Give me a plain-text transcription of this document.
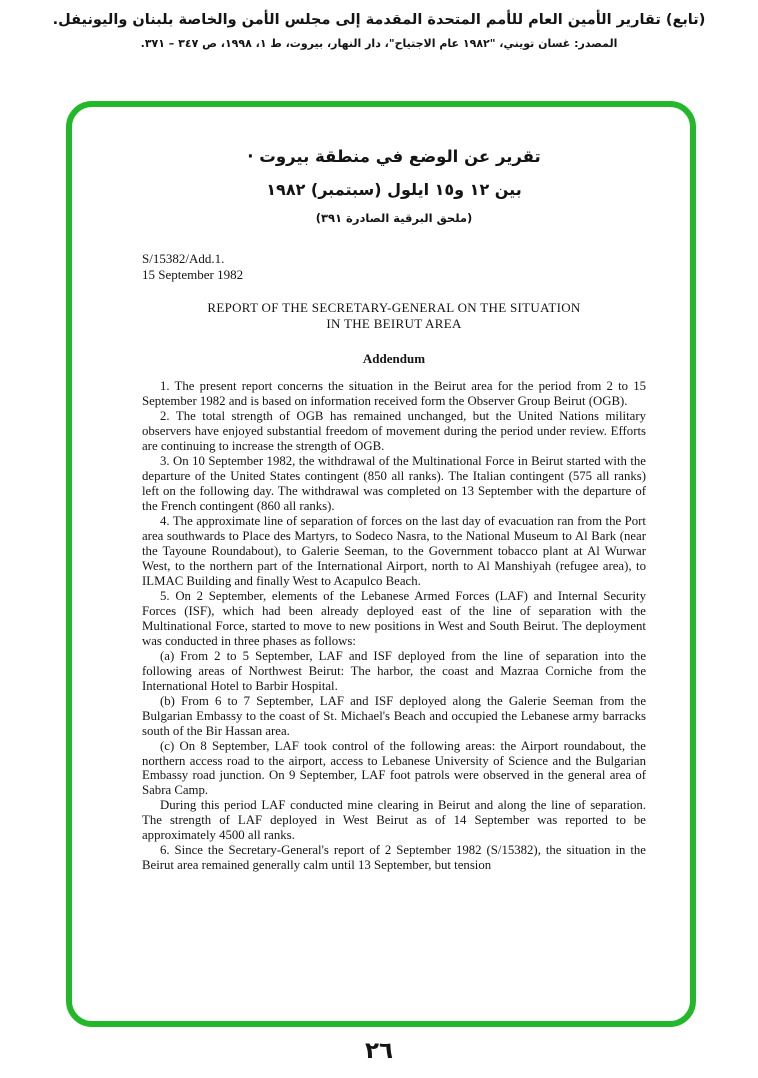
(تابع) تقارير الأمين العام للأمم المتحدة المقدمة إلى مجلس الأمن والخاصة بلبنان واليونيفل.
المصدر: غسان تويني، "١٩٨٢ عام الاجتياح"، دار النهار، بيروت، ط ١، ١٩٩٨، ص ٣٤٧ – ٣٧١.
تقرير عن الوضع في منطقة بيروت ·
بين ١٢ و١٥ ايلول (سبتمبر) ١٩٨٢
(ملحق البرقية الصادرة ٣٩١)
S/15382/Add.1.
15 September 1982
REPORT OF THE SECRETARY-GENERAL ON THE SITUATION
IN THE BEIRUT AREA
Addendum

1. The present report concerns the situation in the Beirut area for the period from 2 to 15 September 1982 and is based on information received form the Observer Group Beirut (OGB).

2. The total strength of OGB has remained unchanged, but the United Nations military observers have enjoyed substantial freedom of movement during the period under review. Efforts are continuing to increase the strength of OGB.

3. On 10 September 1982, the withdrawal of the Multinational Force in Beirut started with the departure of the United States contingent (850 all ranks). The Italian contingent (575 all ranks) left on the following day. The withdrawal was completed on 13 September with the departure of the French contingent (860 all ranks).

4. The approximate line of separation of forces on the last day of evacuation ran from the Port area southwards to Place des Martyrs, to Sodeco Nasra, to the National Museum to Al Bark (near the Tayoune Roundabout), to Galerie Seeman, to the Government tobacco plant at Al Wurwar West, to the northern part of the International Airport, north to Al Manshiyah (refugee area), to ILMAC Building and finally West to Acapulco Beach.

5. On 2 September, elements of the Lebanese Armed Forces (LAF) and Internal Security Forces (ISF), which had been already deployed east of the line of separation with the Multinational Force, started to move to new positions in West and South Beirut. The deployment was conducted in three phases as follows:

(a) From 2 to 5 September, LAF and ISF deployed from the line of separation into the following areas of Northwest Beirut: The harbor, the coast and Mazraa Corniche from the International Hotel to Barbir Hospital.

(b) From 6 to 7 September, LAF and ISF deployed along the Galerie Seeman from the Bulgarian Embassy to the coast of St. Michael's Beach and occupied the Lebanese army barracks south of the Bir Hassan area.

(c) On 8 September, LAF took control of the following areas: the Airport roundabout, the northern access road to the airport, access to Lebanese University of Science and the Bulgarian Embassy road junction. On 9 September, LAF foot patrols were observed in the general area of Sabra Camp.

During this period LAF conducted mine clearing in Beirut and along the line of separation. The strength of LAF deployed in West Beirut as of 14 September was reported to be approximately 4500 all ranks.

6. Since the Secretary-General's report of 2 September 1982 (S/15382), the situation in the Beirut area remained generally calm until 13 September, but tension

٢٦
